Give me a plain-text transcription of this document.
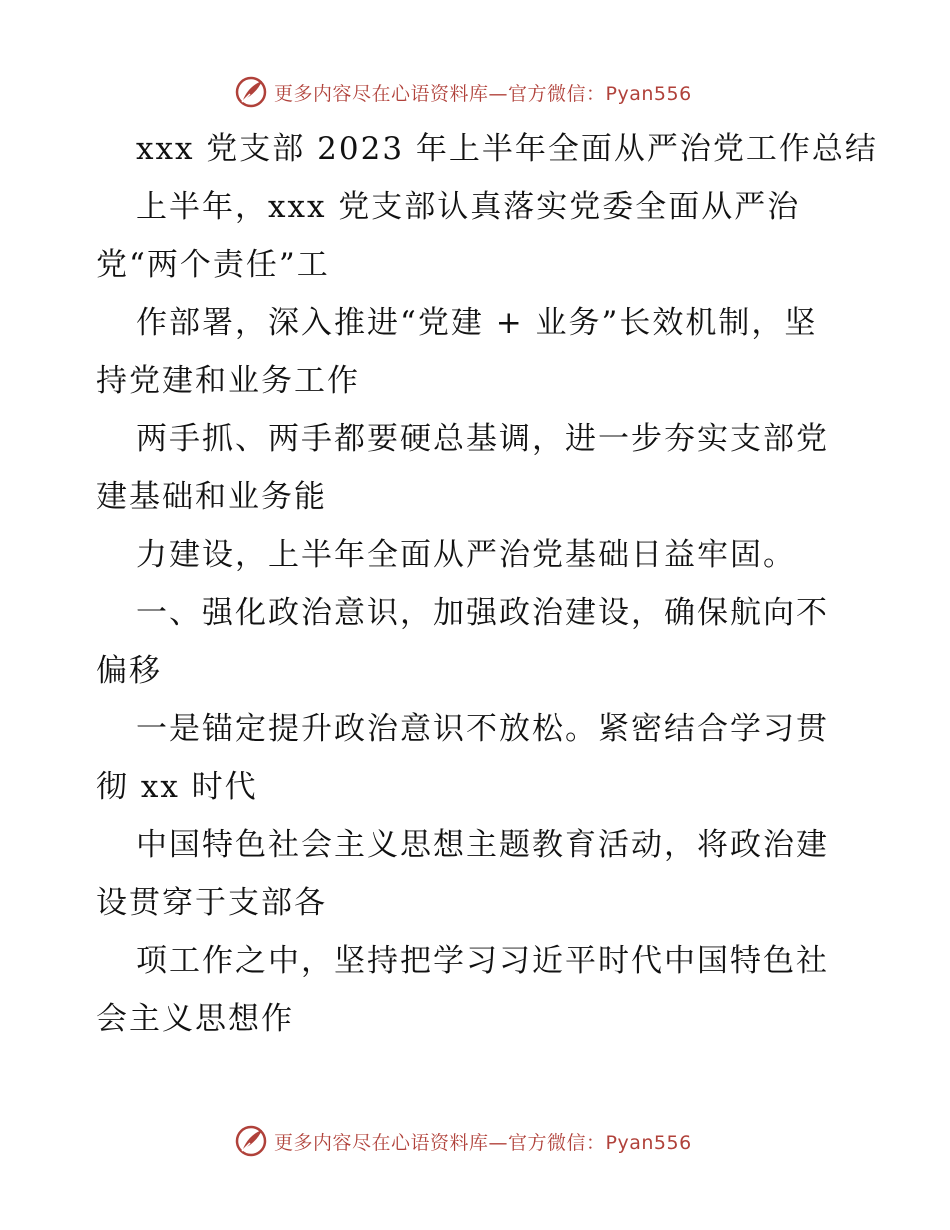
更多内容尽在心语资料库—官方微信：Pyan556
xxx 党支部 2023 年上半年全面从严治党工作总结
上半年，xxx 党支部认真落实党委全面从严治
党“两个责任”工
作部署，深入推进“党建 + 业务”长效机制，坚
持党建和业务工作
两手抓、两手都要硬总基调，进一步夯实支部党
建基础和业务能
力建设，上半年全面从严治党基础日益牢固。
一、强化政治意识，加强政治建设，确保航向不
偏移
一是锚定提升政治意识不放松。紧密结合学习贯
彻 xx 时代
中国特色社会主义思想主题教育活动，将政治建
设贯穿于支部各
项工作之中，坚持把学习习近平时代中国特色社
会主义思想作
更多内容尽在心语资料库—官方微信：Pyan556
